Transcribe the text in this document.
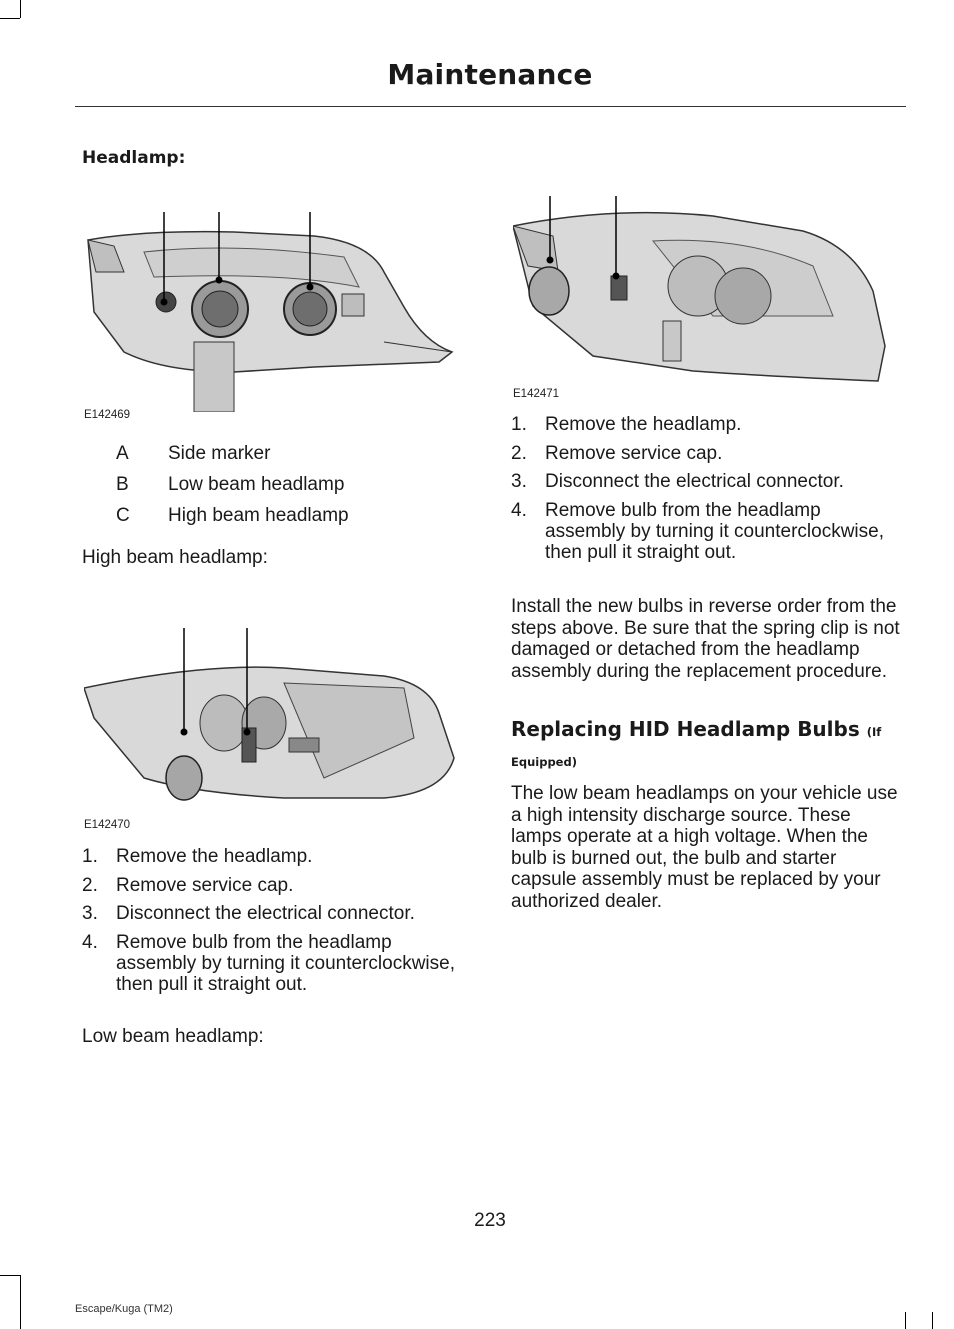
Maintenance
Headlamp:
E142469
A	Side marker
B	Low beam headlamp
C	High beam headlamp
High beam headlamp:
E142470
1. Remove the headlamp.
2. Remove service cap.
3. Disconnect the electrical connector.
4. Remove bulb from the headlamp assembly by turning it counterclockwise, then pull it straight out.
Low beam headlamp:
E142471
1. Remove the headlamp.
2. Remove service cap.
3. Disconnect the electrical connector.
4. Remove bulb from the headlamp assembly by turning it counterclockwise, then pull it straight out.
Install the new bulbs in reverse order from the steps above. Be sure that the spring clip is not damaged or detached from the headlamp assembly during the replacement procedure.
Replacing HID Headlamp Bulbs (If Equipped)
The low beam headlamps on your vehicle use a high intensity discharge source. These lamps operate at a high voltage. When the bulb is burned out, the bulb and starter capsule assembly must be replaced by your authorized dealer.
223
Escape/Kuga (TM2)
